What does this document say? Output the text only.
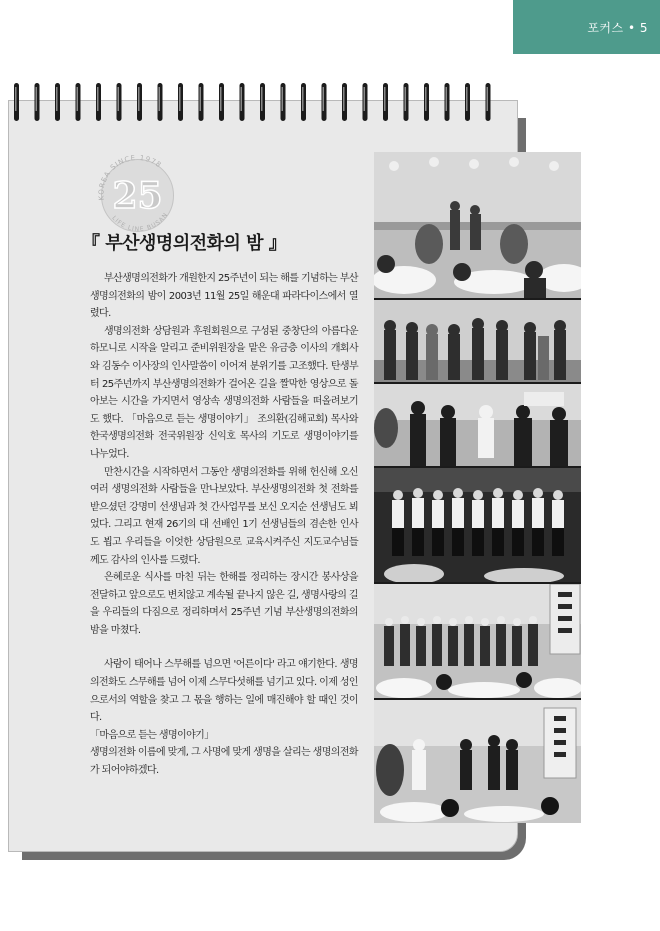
포커스 • 5
KOREA SINCE 1978
LIFE LINE BUSAN
25
『 부산생명의전화의 밤 』

부산생명의전화가 개원한지 25주년이 되는 해를 기념하는 부산생명의전화의 밤이 2003년 11월 25일 해운대 파라다이스에서 열렸다.

생명의전화 상담원과 후원회원으로 구성된 중창단의 아름다운 하모니로 시작을 알리고 준비위원장을 맡은 유금층 이사의 개회사와 김동수 이사장의 인사말씀이 이어져 분위기를 고조했다. 탄생부터 25주년까지 부산생명의전화가 걸어온 길을 짤막한 영상으로 돌아보는 시간을 가지면서 영상속 생명의전화 사람들을 떠올려보기도 했다. 「마음으로 듣는 생명이야기」 조의환(김해교회) 목사와 한국생명의전화 전국위원장 신익호 목사의 기도로 생명이야기를 나누었다.

만찬시간을 시작하면서 그동안 생명의전화를 위해 헌신해 오신 여러 생명의전화 사람들을 만나보았다. 부산생명의전화 첫 전화를 받으셨던 강명미 선생님과 첫 간사업무를 보신 오지순 선생님도 뵈었다. 그리고 현재 26기의 대 선배인 1기 선생님들의 겸손한 인사도 뵙고 우리들을 이엇한 상담원으로 교육시켜주신 지도교수님들께도 감사의 인사를 드렸다.

은혜로운 식사를 마친 뒤는 한해를 정리하는 장시간 봉사상을 전달하고 앞으로도 변치않고 계속될 끝나지 않은 길, 생명사랑의 길을 우리들의 다짐으로 정리하며서 25주년 기념 부산생명의전화의 밤을 마쳤다.

사람이 태어나 스무해를 넘으면 '어른이다' 라고 얘기한다. 생명의전화도 스무해를 넘어 이제 스무다섯해를 넘기고 있다. 이제 성인으로서의 역할을 찾고 그 몫을 행하는 일에 매진해야 할 때인 것이다.

「마음으로 듣는 생명이야기」

생명의전화 이름에 맞게, 그 사명에 맞게 생명을 살리는 생명의전화가 되어야하겠다.
